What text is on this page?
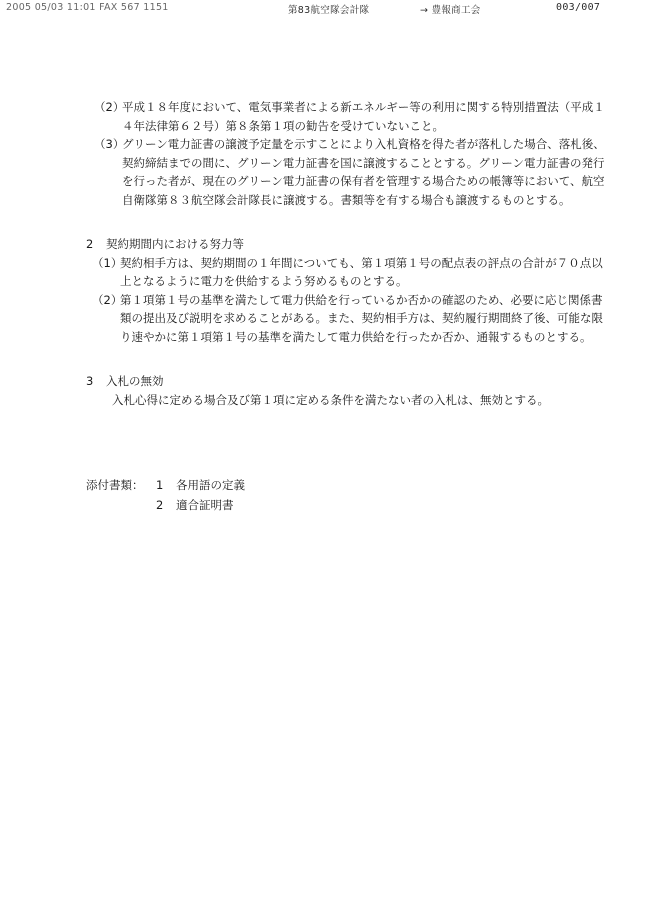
2005 05/03 11:01 FAX 567 1151	第83航空隊会計隊	→ 豊報商工会	003/007
（2）
平成１８年度において、電気事業者による新エネルギー等の利用に関する特別措置法（平成１４年法律第６２号）第８条第１項の勧告を受けていないこと。
（3）
グリーン電力証書の譲渡予定量を示すことにより入札資格を得た者が落札した場合、落札後、契約締結までの間に、グリーン電力証書を国に譲渡することとする。グリーン電力証書の発行を行った者が、現在のグリーン電力証書の保有者を管理する場合ための帳簿等において、航空自衛隊第８３航空隊会計隊長に譲渡する。書類等を有する場合も譲渡するものとする。
2	契約期間内における努力等
（1）
契約相手方は、契約期間の１年間についても、第１項第１号の配点表の評点の合計が７０点以上となるように電力を供給するよう努めるものとする。
（2）
第１項第１号の基準を満たして電力供給を行っているか否かの確認のため、必要に応じ関係書類の提出及び説明を求めることがある。また、契約相手方は、契約履行期間終了後、可能な限り速やかに第１項第１号の基準を満たして電力供給を行ったか否か、通報するものとする。
3	入札の無効
入札心得に定める場合及び第１項に定める条件を満たない者の入札は、無効とする。
添付書類：	1	各用語の定義
2	適合証明書
